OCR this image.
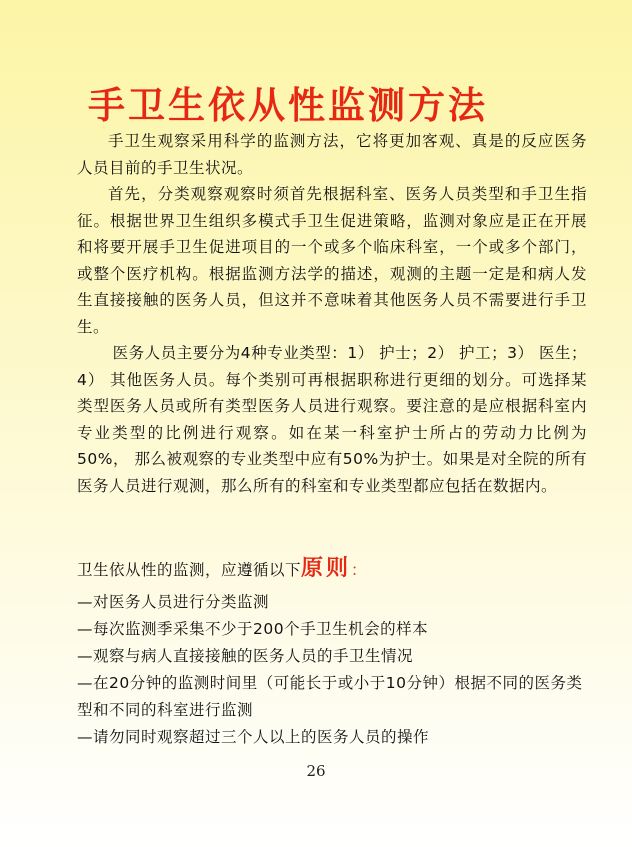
手卫生依从性监测方法

手卫生观察采用科学的监测方法，它将更加客观、真是的反应医务人员目前的手卫生状况。

首先，分类观察观察时须首先根据科室、医务人员类型和手卫生指征。根据世界卫生组织多模式手卫生促进策略，监测对象应是正在开展和将要开展手卫生促进项目的一个或多个临床科室，一个或多个部门，或整个医疗机构。根据监测方法学的描述，观测的主题一定是和病人发生直接接触的医务人员，但这并不意味着其他医务人员不需要进行手卫生。

医务人员主要分为4种专业类型：1） 护士；2） 护工；3） 医生；4） 其他医务人员。每个类别可再根据职称进行更细的划分。可选择某类型医务人员或所有类型医务人员进行观察。要注意的是应根据科室内专业类型的比例进行观察。如在某一科室护士所占的劳动力比例为50%， 那么被观察的专业类型中应有50%为护士。如果是对全院的所有医务人员进行观测，那么所有的科室和专业类型都应包括在数据内。

卫生依从性的监测，应遵循以下原则：
—对医务人员进行分类监测
—每次监测季采集不少于200个手卫生机会的样本
—观察与病人直接接触的医务人员的手卫生情况
—在20分钟的监测时间里（可能长于或小于10分钟）根据不同的医务类型和不同的科室进行监测
—请勿同时观察超过三个人以上的医务人员的操作
26
